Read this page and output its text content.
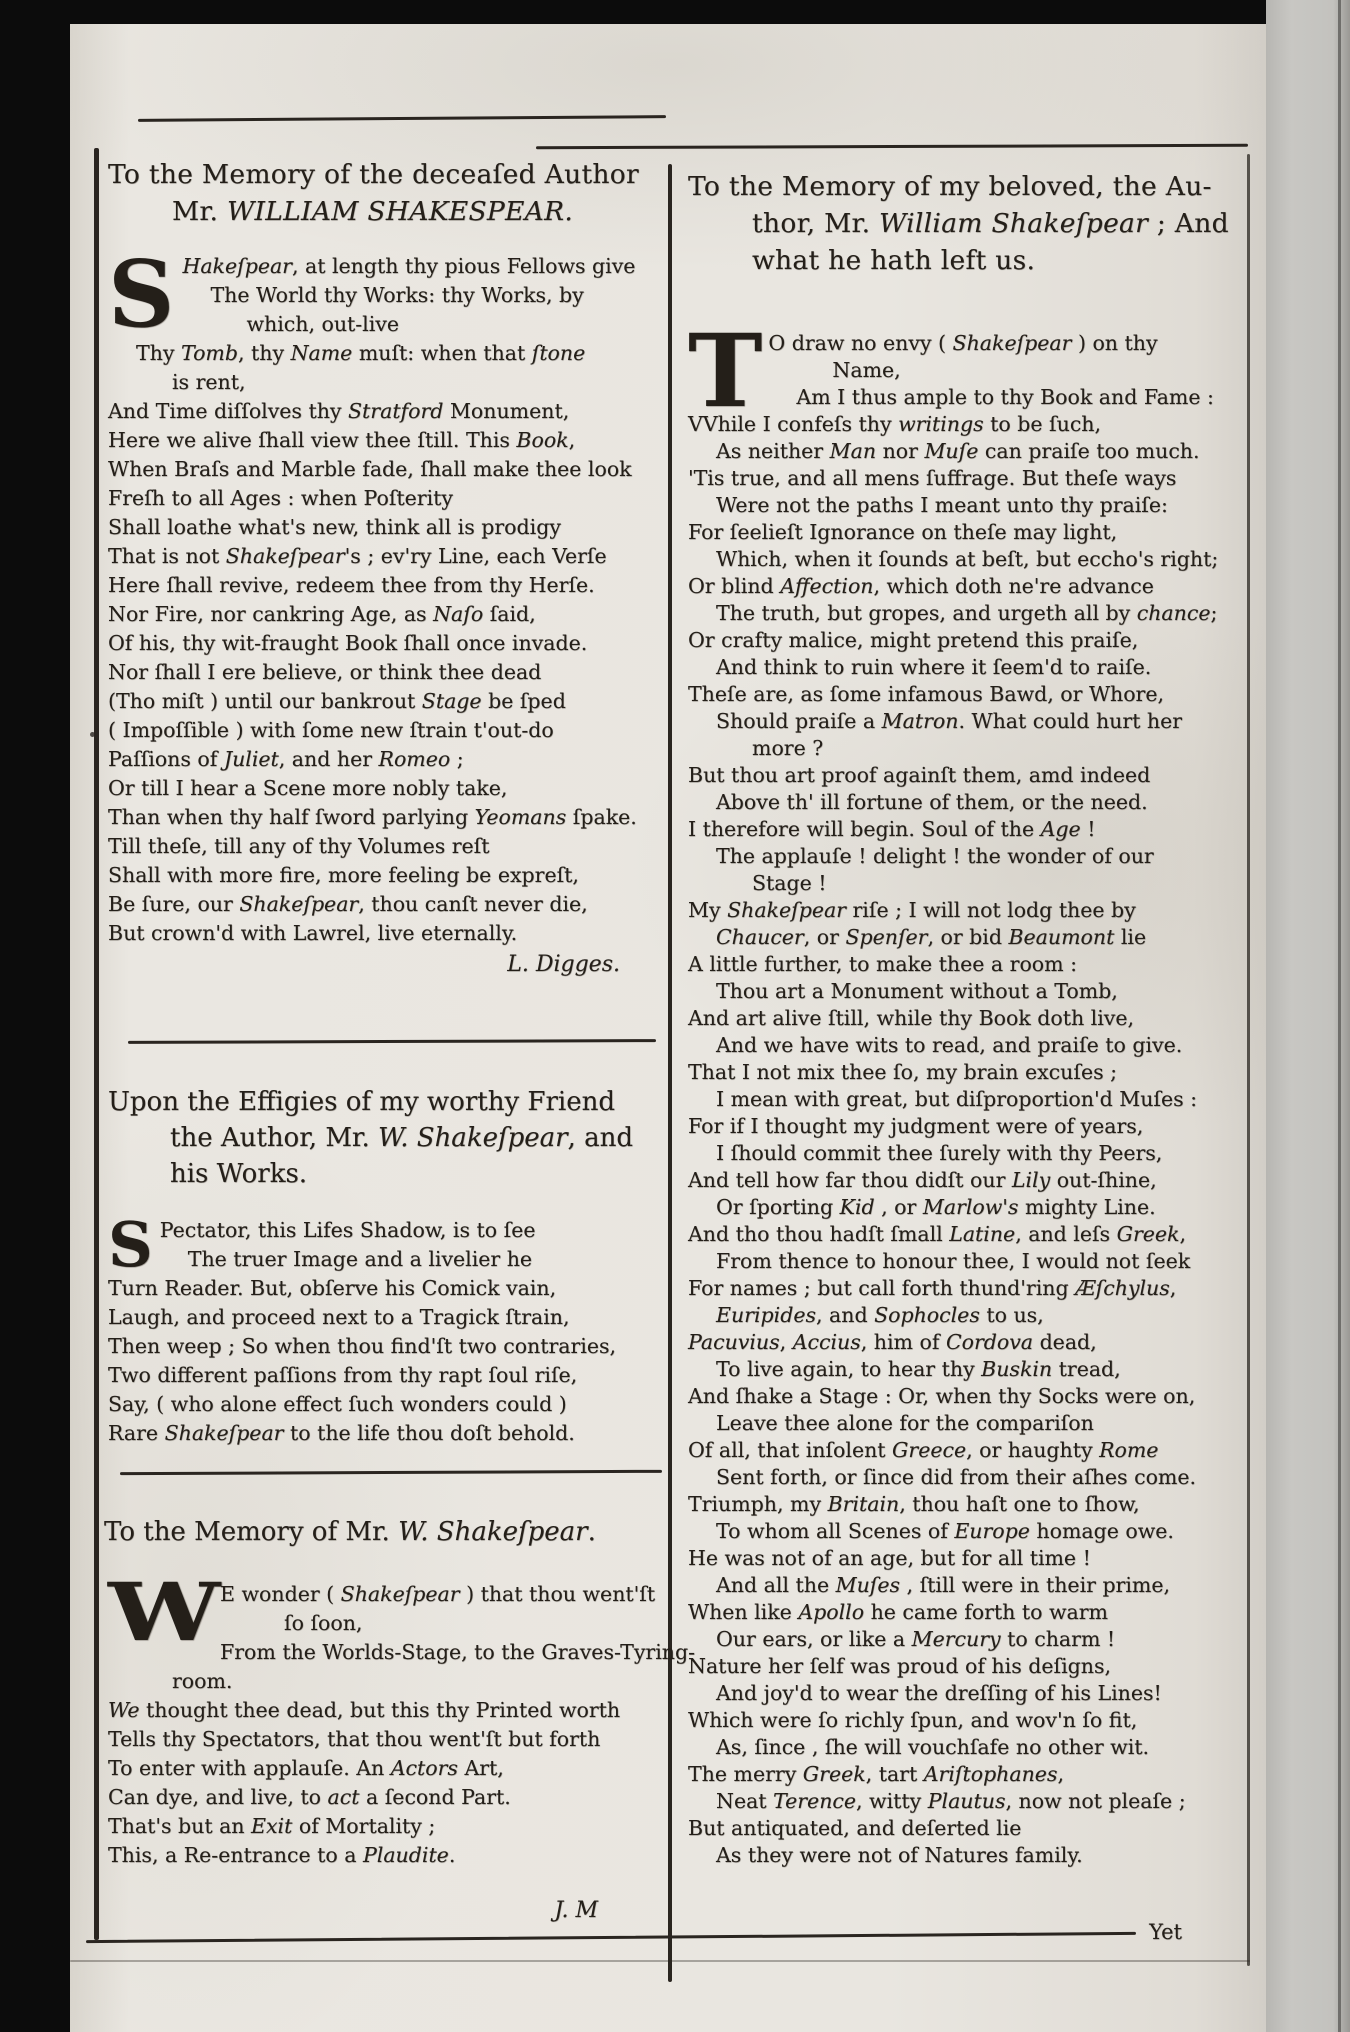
To the Memory of the deceaſed Author
Mr. WILLIAM SHAKESPEAR.
S Hakeſpear, at length thy pious Fellows give
The World thy Works: thy Works, by
which, out-live
Thy Tomb, thy Name muſt: when that ſtone
is rent,
And Time diſſolves thy Stratford Monument,
Here we alive ſhall view thee ſtill. This Book,
When Braſs and Marble fade, ſhall make thee look
Freſh to all Ages : when Poſterity
Shall loathe what's new, think all is prodigy
That is not Shakeſpear's ; ev'ry Line, each Verſe
Here ſhall revive, redeem thee from thy Herſe.
Nor Fire, nor cankring Age, as Naſo ſaid,
Of his, thy wit-fraught Book ſhall once invade.
Nor ſhall I ere believe, or think thee dead
(Tho miſt ) until our bankrout Stage be ſped
( Impoſſible ) with ſome new ſtrain t'out-do
Paſſions of Juliet, and her Romeo ;
Or till I hear a Scene more nobly take,
Than when thy half ſword parlying Yeomans ſpake.
Till theſe, till any of thy Volumes reſt
Shall with more fire, more feeling be expreſt,
Be ſure, our Shakeſpear, thou canſt never die,
But crown'd with Lawrel, live eternally.
L. Digges.
Upon the Effigies of my worthy Friend
the Author, Mr. W. Shakeſpear, and
his Works.
S Pectator, this Lifes Shadow, is to ſee
The truer Image and a livelier he
Turn Reader. But, obſerve his Comick vain,
Laugh, and proceed next to a Tragick ſtrain,
Then weep ; So when thou find'ſt two contraries,
Two different paſſions from thy rapt ſoul riſe,
Say, ( who alone effect ſuch wonders could )
Rare Shakeſpear to the life thou doſt behold.
To the Memory of Mr. W. Shakeſpear.
W E wonder ( Shakeſpear ) that thou went'ſt
ſo ſoon,
From the Worlds-Stage, to the Graves-Tyring-
room.
We thought thee dead, but this thy Printed worth
Tells thy Spectators, that thou went'ſt but forth
To enter with applauſe. An Actors Art,
Can dye, and live, to act a ſecond Part.
That's but an Exit of Mortality ;
This, a Re-entrance to a Plaudite.
J. M
To the Memory of my beloved, the Au-
thor, Mr. William Shakeſpear ; And
what he hath left us.
T O draw no envy ( Shakeſpear ) on thy
Name,
Am I thus ample to thy Book and Fame :
VVhile I confeſs thy writings to be ſuch,
As neither Man nor Muſe can praiſe too much.
'Tis true, and all mens ſuffrage. But theſe ways
Were not the paths I meant unto thy praiſe:
For ſeelieſt Ignorance on theſe may light,
Which, when it ſounds at beſt, but eccho's right;
Or blind Affection, which doth ne're advance
The truth, but gropes, and urgeth all by chance;
Or crafty malice, might pretend this praiſe,
And think to ruin where it ſeem'd to raiſe.
Theſe are, as ſome infamous Bawd, or Whore,
Should praiſe a Matron. What could hurt her
more ?
But thou art proof againſt them, amd indeed
Above th' ill fortune of them, or the need.
I therefore will begin. Soul of the Age !
The applauſe ! delight ! the wonder of our
Stage !
My Shakeſpear riſe ; I will not lodg thee by
Chaucer, or Spenſer, or bid Beaumont lie
A little further, to make thee a room :
Thou art a Monument without a Tomb,
And art alive ſtill, while thy Book doth live,
And we have wits to read, and praiſe to give.
That I not mix thee ſo, my brain excuſes ;
I mean with great, but diſproportion'd Muſes :
For if I thought my judgment were of years,
I ſhould commit thee ſurely with thy Peers,
And tell how far thou didſt our Lily out-ſhine,
Or ſporting Kid , or Marlow's mighty Line.
And tho thou hadſt ſmall Latine, and leſs Greek,
From thence to honour thee, I would not ſeek
For names ; but call forth thund'ring Æſchylus,
Euripides, and Sophocles to us,
Pacuvius, Accius, him of Cordova dead,
To live again, to hear thy Buskin tread,
And ſhake a Stage : Or, when thy Socks were on,
Leave thee alone for the compariſon
Of all, that inſolent Greece, or haughty Rome
Sent forth, or ſince did from their aſhes come.
Triumph, my Britain, thou haſt one to ſhow,
To whom all Scenes of Europe homage owe.
He was not of an age, but for all time !
And all the Muſes , ſtill were in their prime,
When like Apollo he came forth to warm
Our ears, or like a Mercury to charm !
Nature her ſelf was proud of his deſigns,
And joy'd to wear the dreſſing of his Lines!
Which were ſo richly ſpun, and wov'n ſo fit,
As, ſince , ſhe will vouchſafe no other wit.
The merry Greek, tart Ariſtophanes,
Neat Terence, witty Plautus, now not pleaſe ;
But antiquated, and deſerted lie
As they were not of Natures family.
Yet
